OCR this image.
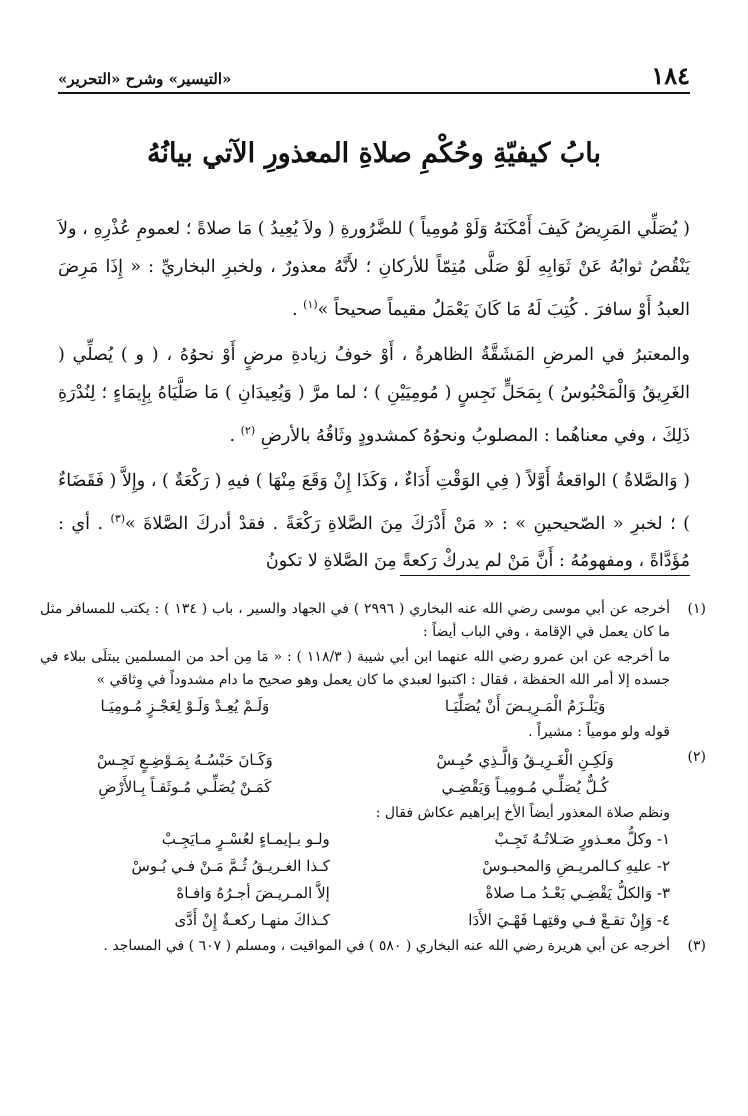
١٨٤
«التيسير» وشرح «التحرير»
بابُ كيفيّةِ وحُكْمِ صلاةِ المعذورِ الآتي بيانُهُ

( يُصَلِّي المَرِيضُ كَيفَ أَمْكَنَهُ وَلَوْ مُومِياً ) للضَّرُورةِ ( ولاَ يُعِيدُ ) مَا صلاةً ؛ لعمومِ عُذْرِهِ ، ولاَ يَنْقُصُ ثوابُهُ عَنْ ثَوَابِهِ لَوْ صَلَّى مُتِمّاً للأركانِ ؛ لأَنَّهُ معذورٌ ، ولخبرِ البخاريِّ : « إِذَا مَرِضَ العبدُ أَوْ سافرَ . كُتِبَ لَهُ مَا كَانَ يَعْمَلُ مقيماً صحيحاً »$^{(١)}$ .

والمعتبرُ في المرضِ المَشَقَّةُ الظاهرةُ ، أَوْ خوفُ زيادةِ مرضٍ أَوْ نحوُهُ ، ( و ) يُصلِّي ( الغَرِيقُ وَالْمَحْبُوسُ ) بِمَحَلٍّ نَجِسٍ ( مُومِيَيْنِ ) ؛ لما مرَّ ( وَيُعِيدَانِ ) مَا صَلَّيَاهُ بِإِيمَاءٍ ؛ لِنُدْرَةِ ذَلِكَ ، وفي معناهُما : المصلوبُ ونحوُهُ كمشدودٍ وثَاقُهُ بالأرضِ $^{(٢)}$ .

( وَالصَّلاةُ ) الواقعةُ أَوَّلاً ( فِي الوَقْتِ أَدَاءٌ ، وَكَذَا إِنْ وَقَعَ مِنْهَا ) فيهِ ( رَكْعَةٌ ) ، وإِلاَّ ( فَقَضَاءٌ ) ؛ لخبرِ « الصّحيحينِ » : « مَنْ أَدْرَكَ مِنَ الصَّلاةِ رَكْعَةً . فقدْ أدركَ الصَّلاةَ »$^{(٣)}$ . أي : مُؤَدَّاةً ، ومفهومُهُ : أَنَّ مَنْ لم يدركْ رَكعةً مِنَ الصَّلاةِ لا تكونُ

(١)

أخرجه عن أبي موسى رضي الله عنه البخاري ( ٢٩٩٦ ) في الجهاد والسير ، باب ( ١٣٤ ) : يكتب للمسافر مثل ما كان يعمل في الإقامة ، وفي الباب أيضاً :

ما أخرجه عن ابن عمرو رضي الله عنهما ابن أبي شيبة ( ١١٨/٣ ) : « مَا مِن أحد من المسلمين يبتلَى ببلاء في جسده إلا أمر الله الحفظة ، فقال : اكتبوا لعبدي ما كان يعمل وهو صحيح ما دام مشدوداً في وِثاقي »

وَيَلْـزَمُ الْمَـرِيـضَ أَنْ يُصَلِّيَـا
وَلَـمْ يُعِـدْ وَلَـوْ لِعَجْـزٍ مُـومِيَـا

قوله ولو مومياً : مشيراً .

(٢)
وَلَكِـنِ الْغَـرِيـقُ وَالَّـذِي حُبِـسْ
وَكَـانَ حَبْسُـهُ بِمَـوْضِـعٍ نَجِـسْ
كُـلٌّ يُصَلِّـي مُـومِيـاً وَيَقْضِـي
كَمَـنْ يُصَلِّـي مُـوثَقـاً بِـالأَرْضِ

ونظم صلاة المعذور أيضاً الأخ إبراهيم عكاش فقال :

١- وكلُّ معـذورٍ صَـلاتُـهُ تَجِـبْ
ولـو بـإيمـاءٍ لعُسْـرٍ مـايَجِـبْ
٢- عليهِ كـالمريـضِ وَالمحبـوسْ
كـذا الغـريـقُ ثُـمَّ مَـنْ فـي بُـوسْ
٣- وَالكلُّ يَقْضِـي بَعْـدُ مـا صلاةْ
إلاَّ المـريـضَ أجـرُهُ وَافـاهْ
٤- وَإِنْ تقـعْ فـي وقتِهـا فَهْـيَ الأَدَا
كـذاكَ منهـا ركعـةٌ إِنْ أَدَّى
(٣)

أخرجه عن أبي هريرة رضي الله عنه البخاري ( ٥٨٠ ) في المواقيت ، ومسلم ( ٦٠٧ ) في المساجد .
